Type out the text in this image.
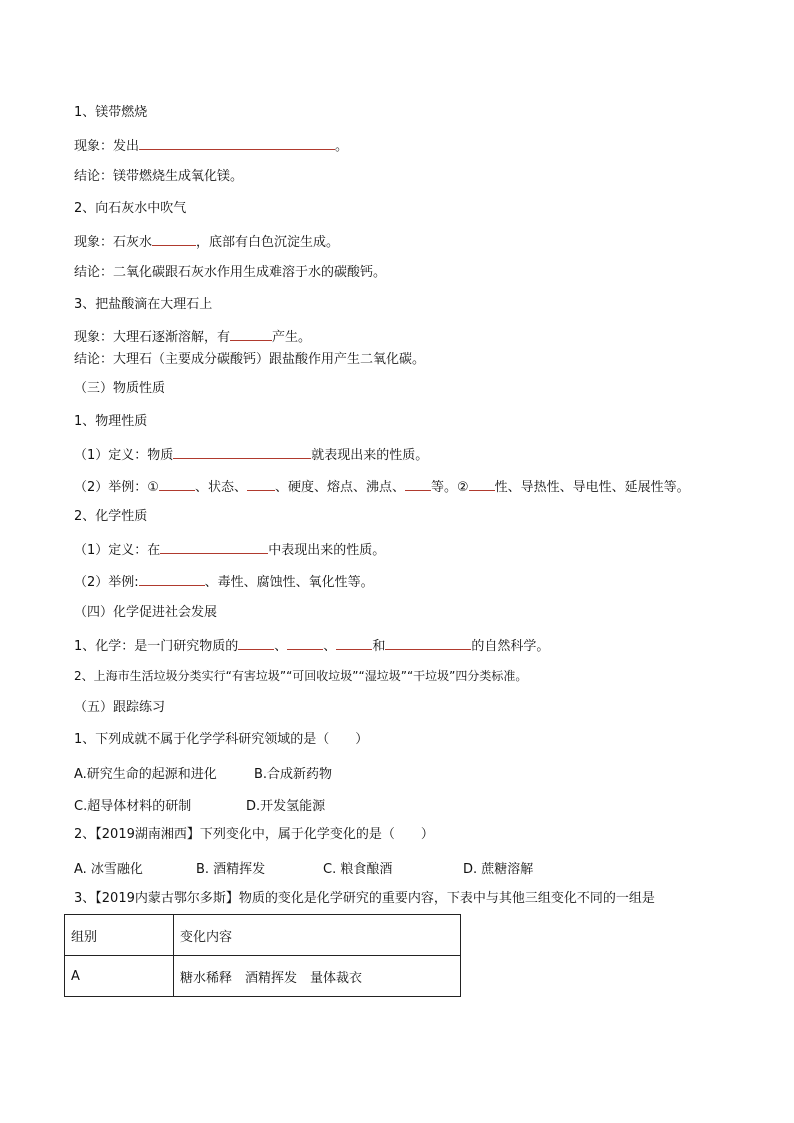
1、镁带燃烧
现象：发出	。
结论：镁带燃烧生成氧化镁。
2、向石灰水中吹气
现象：石灰水	，底部有白色沉淀生成。
结论：二氧化碳跟石灰水作用生成难溶于水的碳酸钙。
3、把盐酸滴在大理石上
现象：大理石逐渐溶解，有	产生。
结论：大理石（主要成分碳酸钙）跟盐酸作用产生二氧化碳。
（三）物质性质
1、物理性质
（1）定义：物质	就表现出来的性质。
（2）举例：①	、状态、 、硬度、熔点、沸点、 等。② 性、导热性、导电性、延展性等。
2、化学性质
（1）定义：在	中表现出来的性质。
（2）举例:	、毒性、腐蚀性、氧化性等。
（四）化学促进社会发展
1、化学：是一门研究物质的	、	、	和	的自然科学。
2、上海市生活垃圾分类实行“有害垃圾”“可回收垃圾”“湿垃圾”“干垃圾”四分类标准。
（五）跟踪练习
1、下列成就不属于化学学科研究领域的是（　　）
A.研究生命的起源和进化	B.合成新药物
C.超导体材料的研制	D.开发氢能源
2、【2019湖南湘西】下列变化中，属于化学变化的是（　　）
A. 冰雪融化	B. 酒精挥发	C. 粮食酿酒	D. 蔗糖溶解
3、【2019内蒙古鄂尔多斯】物质的变化是化学研究的重要内容，下表中与其他三组变化不同的一组是
组别	变化内容
A	糖水稀释　酒精挥发　量体裁衣
